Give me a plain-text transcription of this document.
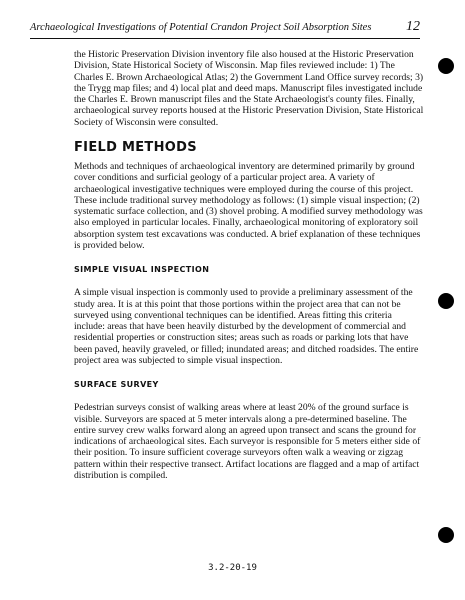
Archaeological Investigations of Potential Crandon Project Soil Absorption Sites 12

the Historic Preservation Division inventory file also housed at the Historic Preservation Division, State Historical Society of Wisconsin. Map files reviewed include: 1) The Charles E. Brown Archaeological Atlas; 2) the Government Land Office survey records; 3) the Trygg map files; and 4) local plat and deed maps. Manuscript files investigated include the Charles E. Brown manuscript files and the State Archaeologist's county files. Finally, archaeological survey reports housed at the Historic Preservation Division, State Historical Society of Wisconsin were consulted.

FIELD METHODS

Methods and techniques of archaeological inventory are determined primarily by ground cover conditions and surficial geology of a particular project area. A variety of archaeological investigative techniques were employed during the course of this project. These include traditional survey methodology as follows: (1) simple visual inspection; (2) systematic surface collection, and (3) shovel probing. A modified survey methodology was also employed in particular locales. Finally, archaeological monitoring of exploratory soil absorption system test excavations was conducted. A brief explanation of these techniques is provided below.

SIMPLE VISUAL INSPECTION

A simple visual inspection is commonly used to provide a preliminary assessment of the study area. It is at this point that those portions within the project area that can not be surveyed using conventional techniques can be identified. Areas fitting this criteria include: areas that have been heavily disturbed by the development of commercial and residential properties or construction sites; areas such as roads or parking lots that have been paved, heavily graveled, or filled; inundated areas; and ditched roadsides. The entire project area was subjected to simple visual inspection.

SURFACE SURVEY

Pedestrian surveys consist of walking areas where at least 20% of the ground surface is visible. Surveyors are spaced at 5 meter intervals along a pre-determined baseline. The entire survey crew walks forward along an agreed upon transect and scans the ground for indications of archaeological sites. Each surveyor is responsible for 5 meters either side of their position. To insure sufficient coverage surveyors often walk a weaving or zigzag pattern within their respective transect. Artifact locations are flagged and a map of artifact distribution is compiled.

3.2-20-19
